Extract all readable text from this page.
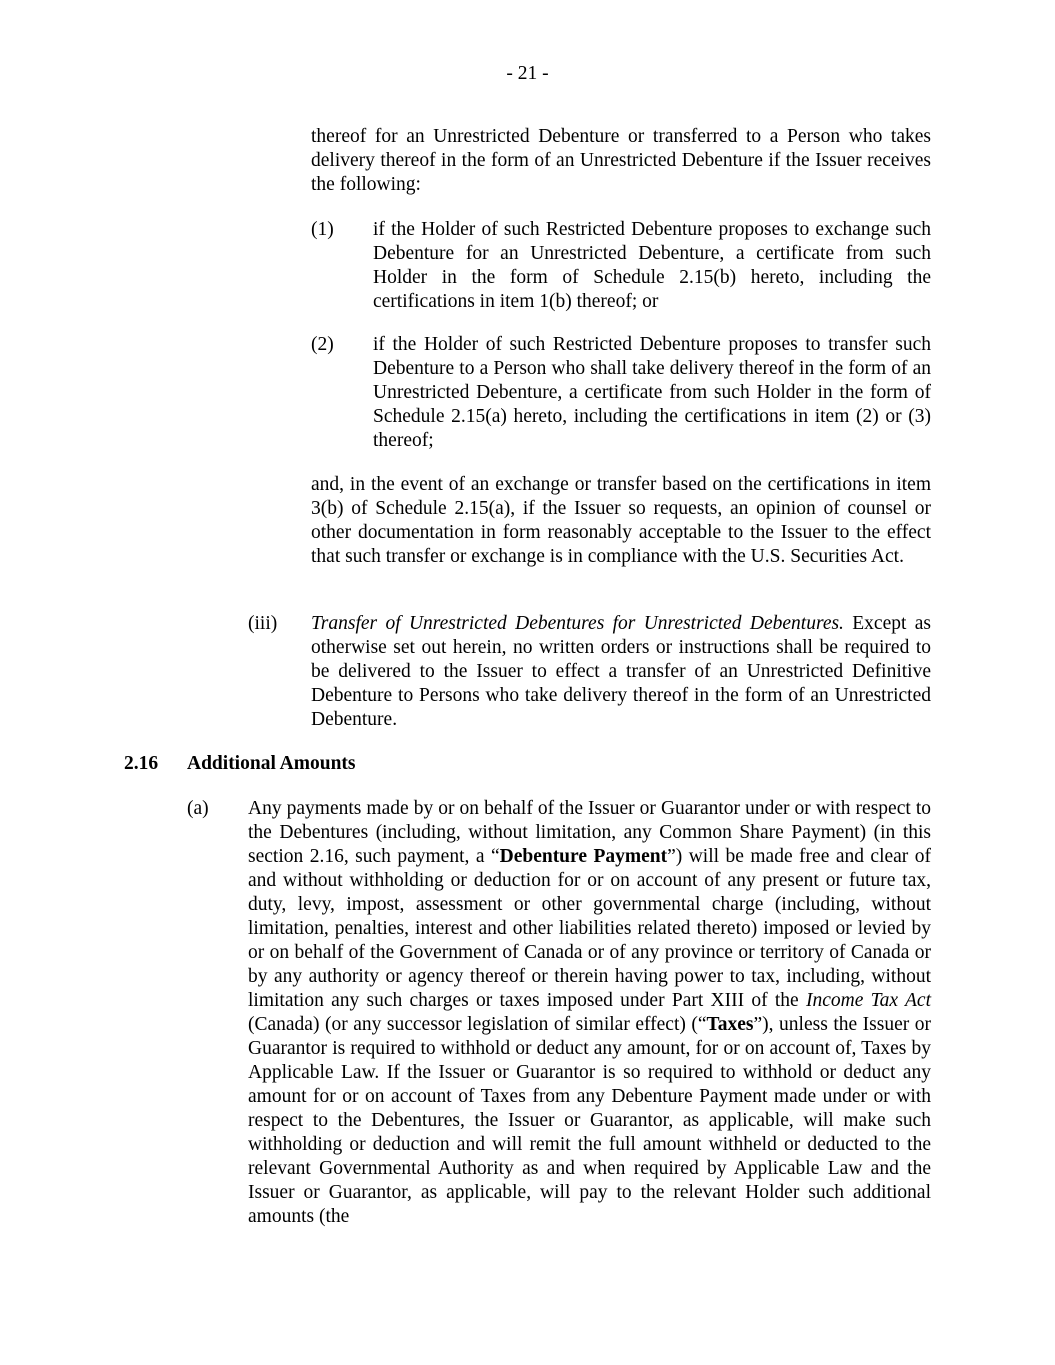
- 21 -
thereof for an Unrestricted Debenture or transferred to a Person who takes delivery thereof in the form of an Unrestricted Debenture if the Issuer receives the following:
(1) if the Holder of such Restricted Debenture proposes to exchange such Debenture for an Unrestricted Debenture, a certificate from such Holder in the form of Schedule 2.15(b) hereto, including the certifications in item 1(b) thereof; or
(2) if the Holder of such Restricted Debenture proposes to transfer such Debenture to a Person who shall take delivery thereof in the form of an Unrestricted Debenture, a certificate from such Holder in the form of Schedule 2.15(a) hereto, including the certifications in item (2) or (3) thereof;
and, in the event of an exchange or transfer based on the certifications in item 3(b) of Schedule 2.15(a), if the Issuer so requests, an opinion of counsel or other documentation in form reasonably acceptable to the Issuer to the effect that such transfer or exchange is in compliance with the U.S. Securities Act.
(iii) Transfer of Unrestricted Debentures for Unrestricted Debentures. Except as otherwise set out herein, no written orders or instructions shall be required to be delivered to the Issuer to effect a transfer of an Unrestricted Definitive Debenture to Persons who take delivery thereof in the form of an Unrestricted Debenture.
2.16 Additional Amounts
(a) Any payments made by or on behalf of the Issuer or Guarantor under or with respect to the Debentures (including, without limitation, any Common Share Payment) (in this section 2.16, such payment, a “Debenture Payment”) will be made free and clear of and without withholding or deduction for or on account of any present or future tax, duty, levy, impost, assessment or other governmental charge (including, without limitation, penalties, interest and other liabilities related thereto) imposed or levied by or on behalf of the Government of Canada or of any province or territory of Canada or by any authority or agency thereof or therein having power to tax, including, without limitation any such charges or taxes imposed under Part XIII of the Income Tax Act (Canada) (or any successor legislation of similar effect) (“Taxes”), unless the Issuer or Guarantor is required to withhold or deduct any amount, for or on account of, Taxes by Applicable Law. If the Issuer or Guarantor is so required to withhold or deduct any amount for or on account of Taxes from any Debenture Payment made under or with respect to the Debentures, the Issuer or Guarantor, as applicable, will make such withholding or deduction and will remit the full amount withheld or deducted to the relevant Governmental Authority as and when required by Applicable Law and the Issuer or Guarantor, as applicable, will pay to the relevant Holder such additional amounts (the
